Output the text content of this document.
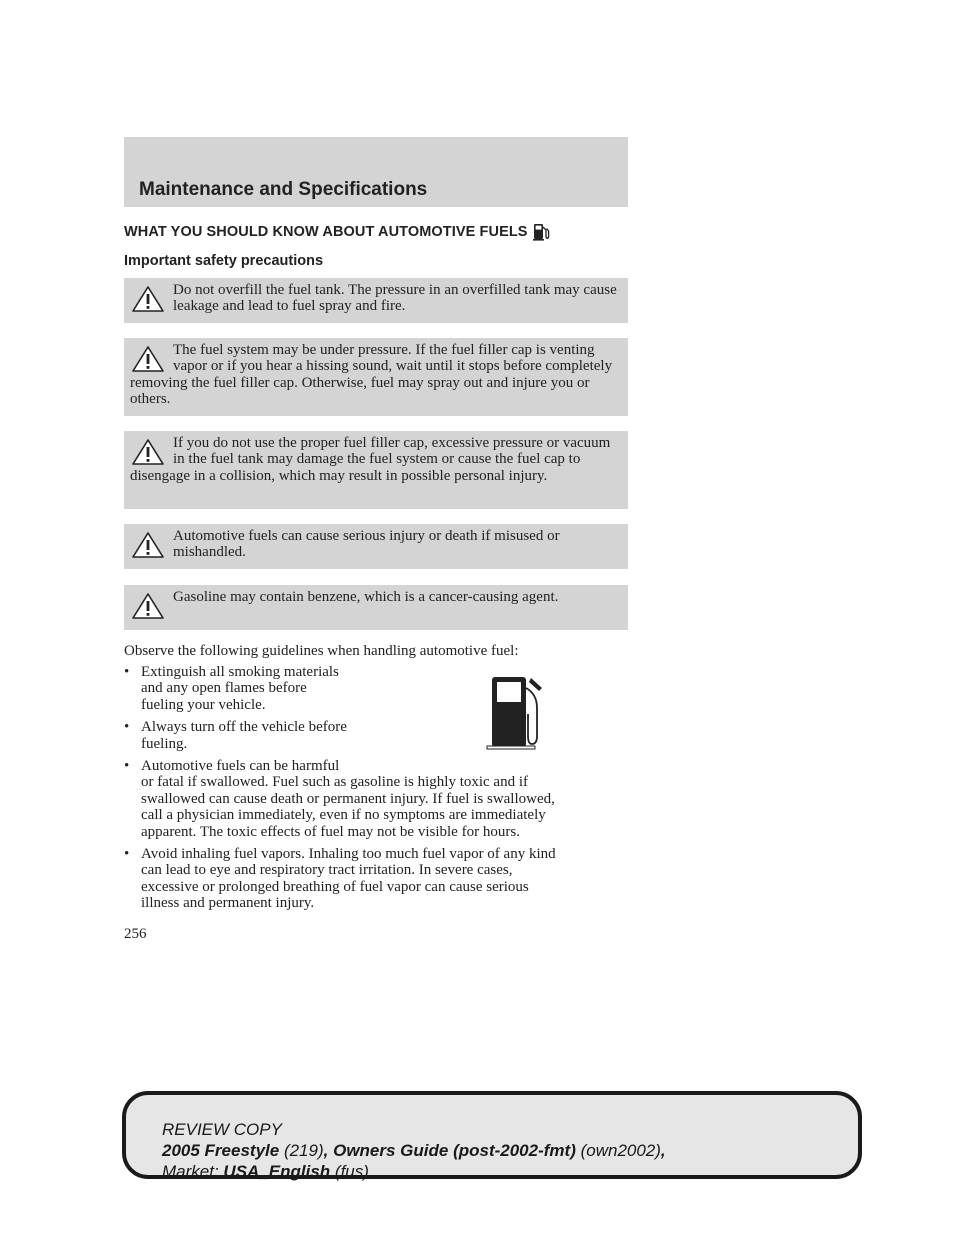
Maintenance and Specifications
WHAT YOU SHOULD KNOW ABOUT AUTOMOTIVE FUELS
Important safety precautions
Do not overfill the fuel tank. The pressure in an overfilled tank may cause leakage and lead to fuel spray and fire.
The fuel system may be under pressure. If the fuel filler cap is venting vapor or if you hear a hissing sound, wait until it stops before completely removing the fuel filler cap. Otherwise, fuel may spray out and injure you or others.
If you do not use the proper fuel filler cap, excessive pressure or vacuum in the fuel tank may damage the fuel system or cause the fuel cap to disengage in a collision, which may result in possible personal injury.
Automotive fuels can cause serious injury or death if misused or mishandled.
Gasoline may contain benzene, which is a cancer-causing agent.
Observe the following guidelines when handling automotive fuel:
• Extinguish all smoking materials
and any open flames before
fueling your vehicle.
• Always turn off the vehicle before
fueling.
• Automotive fuels can be harmful
or fatal if swallowed. Fuel such as gasoline is highly toxic and if
swallowed can cause death or permanent injury. If fuel is swallowed,
call a physician immediately, even if no symptoms are immediately
apparent. The toxic effects of fuel may not be visible for hours.
• Avoid inhaling fuel vapors. Inhaling too much fuel vapor of any kind
can lead to eye and respiratory tract irritation. In severe cases,
excessive or prolonged breathing of fuel vapor can cause serious
illness and permanent injury.
256
REVIEW COPY
2005 Freestyle (219), Owners Guide (post-2002-fmt) (own2002),
Market: USA_English (fus)
